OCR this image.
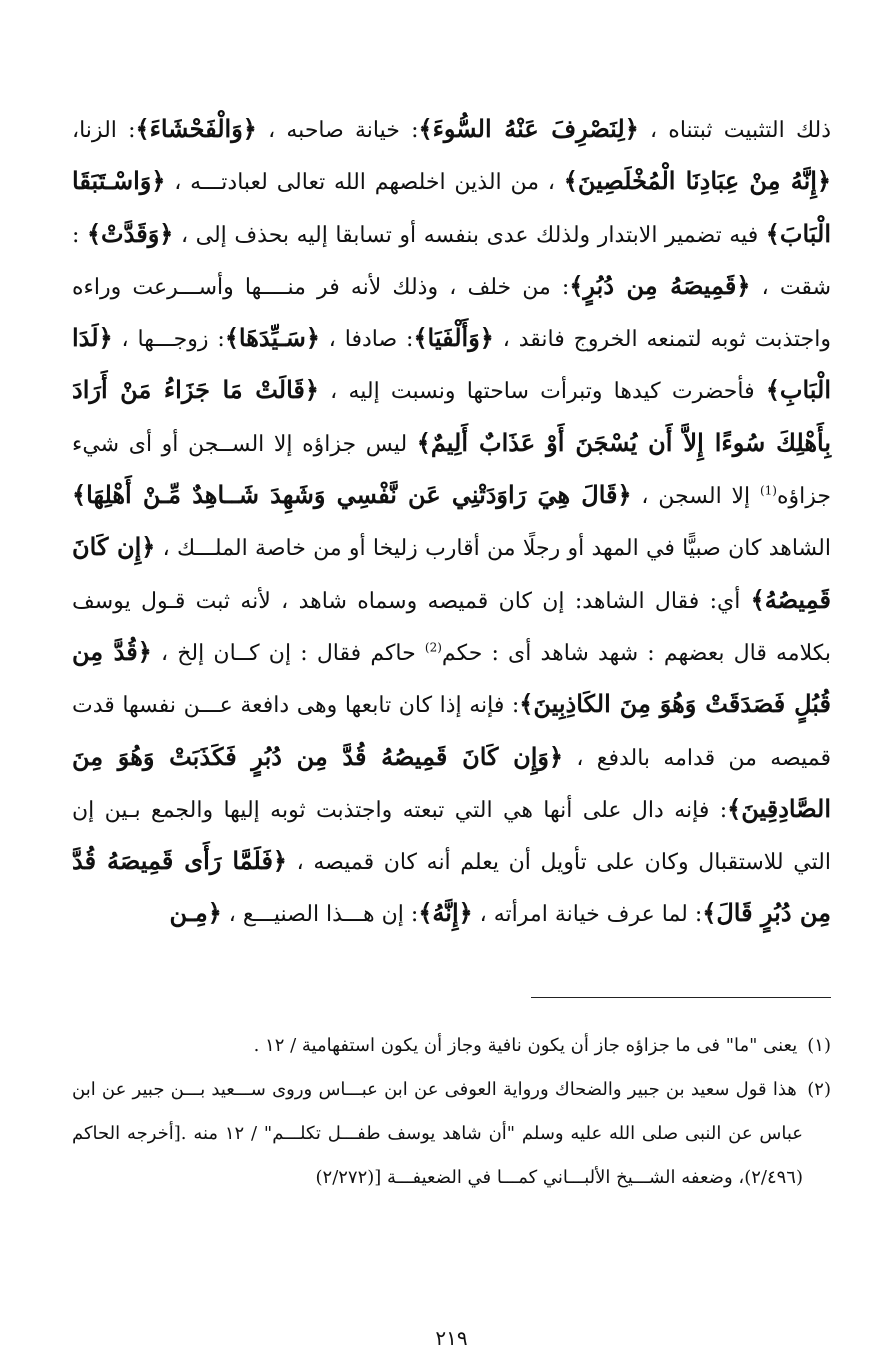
ذلك التثبيت ثبتناه ، ﴿لِنَصْرِفَ عَنْهُ السُّوءَ﴾: خيانة صاحبه ، ﴿وَالْفَحْشَاءَ﴾: الزنا، ﴿إِنَّهُ مِنْ عِبَادِنَا الْمُخْلَصِينَ﴾ ، من الذين اخلصهم الله تعالى لعبادتـــه ، ﴿وَاسْـتَبَقَا الْبَابَ﴾ فيه تضمير الابتدار ولذلك عدى بنفسه أو تسابقا إليه بحذف إلى ، ﴿وَقَدَّتْ﴾ : شقت ، ﴿قَمِيصَهُ مِن دُبُرٍ﴾: من خلف ، وذلك لأنه فر منــــها وأســـرعت وراءه واجتذبت ثوبه لتمنعه الخروج فانقد ، ﴿وَأَلْفَيَا﴾: صادفا ، ﴿سَـيِّدَهَا﴾: زوجـــها ، ﴿لَدَا الْبَابِ﴾ فأحضرت كيدها وتبرأت ساحتها ونسبت إليه ، ﴿قَالَتْ مَا جَزَاءُ مَنْ أَرَادَ بِأَهْلِكَ سُوءًا إِلاَّ أَن يُسْجَنَ أَوْ عَذَابٌ أَلِيمٌ﴾ ليس جزاؤه إلا الســجن أو أى شيء جزاؤه$^{(1)}$ إلا السجن ، ﴿قَالَ هِيَ رَاوَدَتْنِي عَن نَّفْسِي وَشَهِدَ شَــاهِدٌ مِّـنْ أَهْلِهَا﴾ الشاهد كان صبيًّا في المهد أو رجلًا من أقارب زليخا أو من خاصة الملـــك ، ﴿إِن كَانَ قَمِيصُهُ﴾ أي: فقال الشاهد: إن كان قميصه وسماه شاهد ، لأنه ثبت قـول يوسف بكلامه قال بعضهم : شهد شاهد أى : حكم$^{(2)}$ حاكم فقال : إن كــان إلخ ، ﴿قُدَّ مِن قُبُلٍ فَصَدَقَتْ وَهُوَ مِنَ الكَاذِبِينَ﴾: فإنه إذا كان تابعها وهى دافعة عـــن نفسها قدت قميصه من قدامه بالدفع ، ﴿وَإِن كَانَ قَمِيصُهُ قُدَّ مِن دُبُرٍ فَكَذَبَتْ وَهُوَ مِنَ الصَّادِقِينَ﴾: فإنه دال على أنها هي التي تبعته واجتذبت ثوبه إليها والجمع بـين إن التي للاستقبال وكان على تأويل أن يعلم أنه كان قميصه ، ﴿فَلَمَّا رَأَى قَمِيصَهُ قُدَّ مِن دُبُرٍ قَالَ﴾: لما عرف خيانة امرأته ، ﴿إِنَّهُ﴾: إن هـــذا الصنيـــع ، ﴿مِـن

(١) يعنى "ما" فى ما جزاؤه جاز أن يكون نافية وجاز أن يكون استفهامية / ١٢ .

(٢) هذا قول سعيد بن جبير والضحاك ورواية العوفى عن ابن عبـــاس وروى ســـعيد بـــن جبير عن ابن عباس عن النبى صلى الله عليه وسلم "أن شاهد يوسف طفـــل تكلـــم" / ١٢ منه .[أخرجه الحاكم (٢/٤٩٦)، وضعفه الشـــيخ الألبـــاني كمـــا في الضعيفـــة [(٢/٢٧٢)

٢١٩
